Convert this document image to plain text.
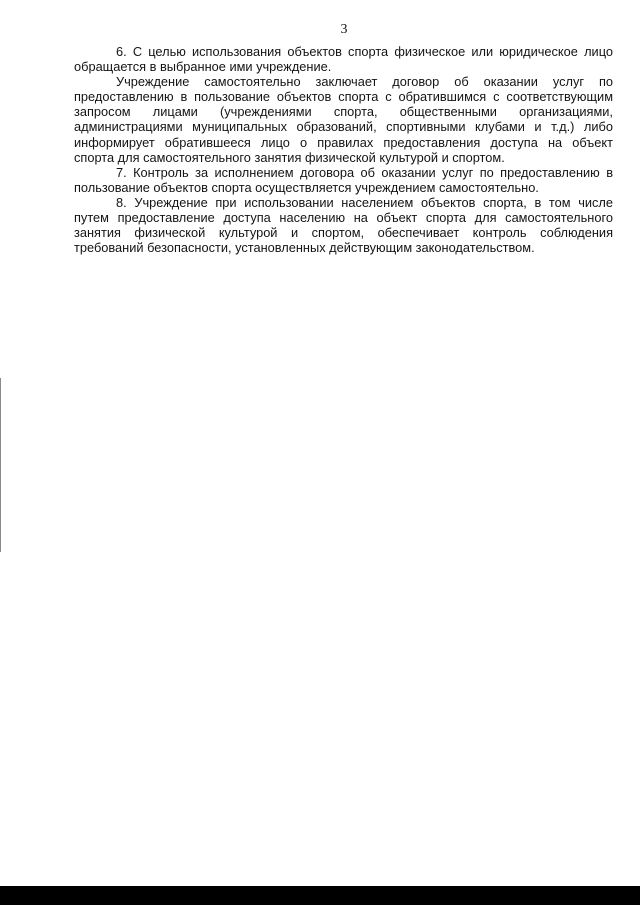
3
6. С целью использования объектов спорта физическое или юридическое лицо
обращается в выбранное ими учреждение.
Учреждение самостоятельно заключает договор об оказании услуг по
предоставлению в пользование объектов спорта с обратившимся с соответствующим
запросом лицами (учреждениями спорта, общественными организациями,
администрациями муниципальных образований, спортивными клубами и т.д.) либо
информирует обратившееся лицо о правилах предоставления доступа на объект
спорта для самостоятельного занятия физической культурой и спортом.
7. Контроль за исполнением договора об оказании услуг по предоставлению в
пользование объектов спорта осуществляется учреждением самостоятельно.
8. Учреждение при использовании населением объектов спорта, в том числе
путем предоставление доступа населению на объект спорта для самостоятельного
занятия физической культурой и спортом, обеспечивает контроль соблюдения
требований безопасности, установленных действующим законодательством.
